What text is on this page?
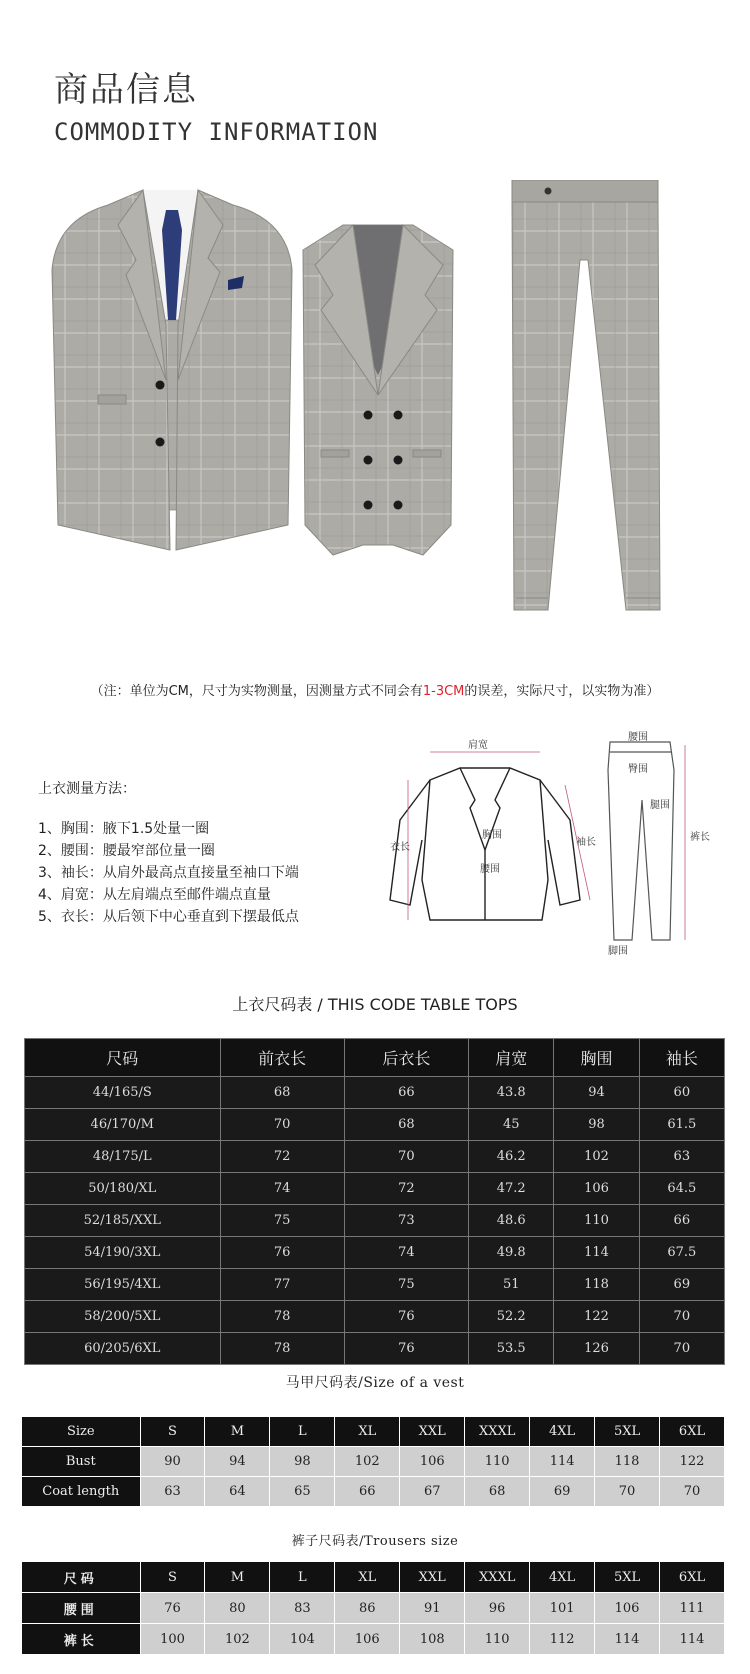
商品信息
COMMODITY INFORMATION
（注：单位为CM，尺寸为实物测量，因测量方式不同会有1-3CM的误差，实际尺寸，以实物为准）
上衣测量方法：
1、胸围：腋下1.5处量一圈
2、腰围：腰最窄部位量一圈
3、袖长：从肩外最高点直接量至袖口下端
4、肩宽：从左肩端点至邮件端点直量
5、衣长：从后领下中心垂直到下摆最低点
肩宽
衣长
胸围
腰围
袖长
腰围
臀围
腿围
裤长
脚围
上衣尺码表 / THIS CODE TABLE TOPS
尺码	前衣长	后衣长	肩宽	胸围	袖长
44/165/S	68	66	43.8	94	60
46/170/M	70	68	45	98	61.5
48/175/L	72	70	46.2	102	63
50/180/XL	74	72	47.2	106	64.5
52/185/XXL	75	73	48.6	110	66
54/190/3XL	76	74	49.8	114	67.5
56/195/4XL	77	75	51	118	69
58/200/5XL	78	76	52.2	122	70
60/205/6XL	78	76	53.5	126	70
马甲尺码表/Size of a vest
Size	S	M	L	XL	XXL	XXXL	4XL	5XL	6XL
Bust	90	94	98	102	106	110	114	118	122
Coat length	63	64	65	66	67	68	69	70	70
裤子尺码表/Trousers size
尺码	S	M	L	XL	XXL	XXXL	4XL	5XL	6XL
腰围	76	80	83	86	91	96	101	106	111
裤长	100	102	104	106	108	110	112	114	114
